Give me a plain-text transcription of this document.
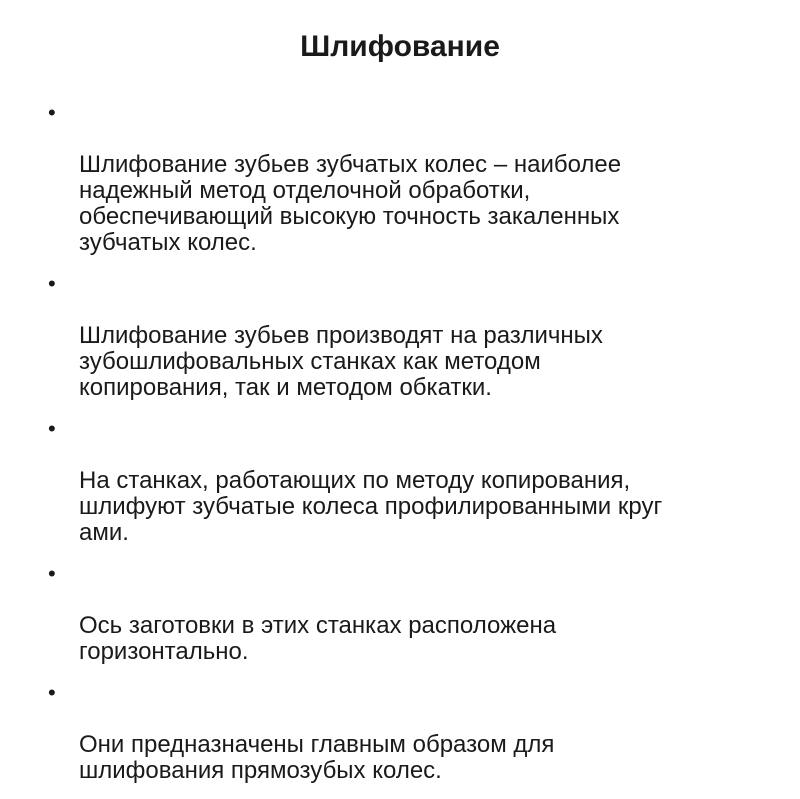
Шлифование

•

Шлифование зубьев зубчатых колес – наиболее
надежный метод отделочной обработки,
обеспечивающий высокую точность закаленных
зубчатых колес.

•

Шлифование зубьев производят на различных
зубошлифовальных станках как методом
копирования, так и методом обкатки.

•

На станках, работающих по методу копирования,
шлифуют зубчатые колеса профилированными круг
ами.

•

Ось заготовки в этих станках расположена
горизонтально.

•

Они предназначены главным образом для
шлифования прямозубых колес.
